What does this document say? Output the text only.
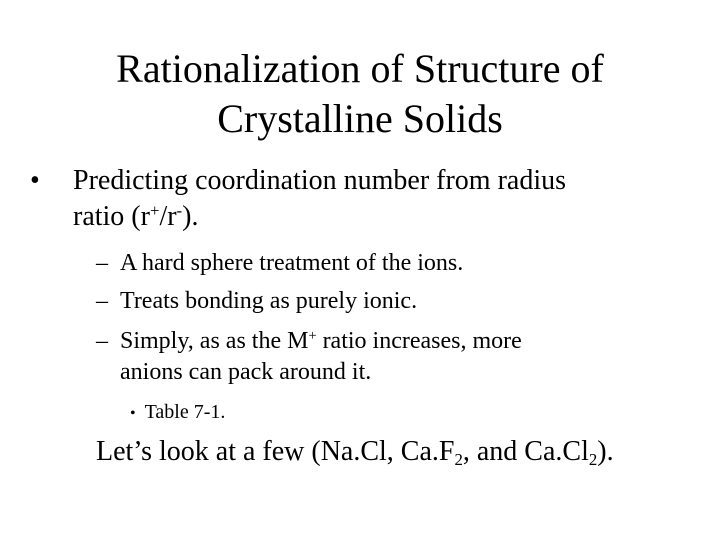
Rationalization of Structure of
Crystalline Solids
• Predicting coordination number from radius
ratio (r+/r-).
– A hard sphere treatment of the ions.
– Treats bonding as purely ionic.
– Simply, as as the M+ ratio increases, more
anions can pack around it.
• Table 7-1.
Let’s look at a few (Na.Cl, $Ca.F_2$, and $Ca.Cl_2$).
